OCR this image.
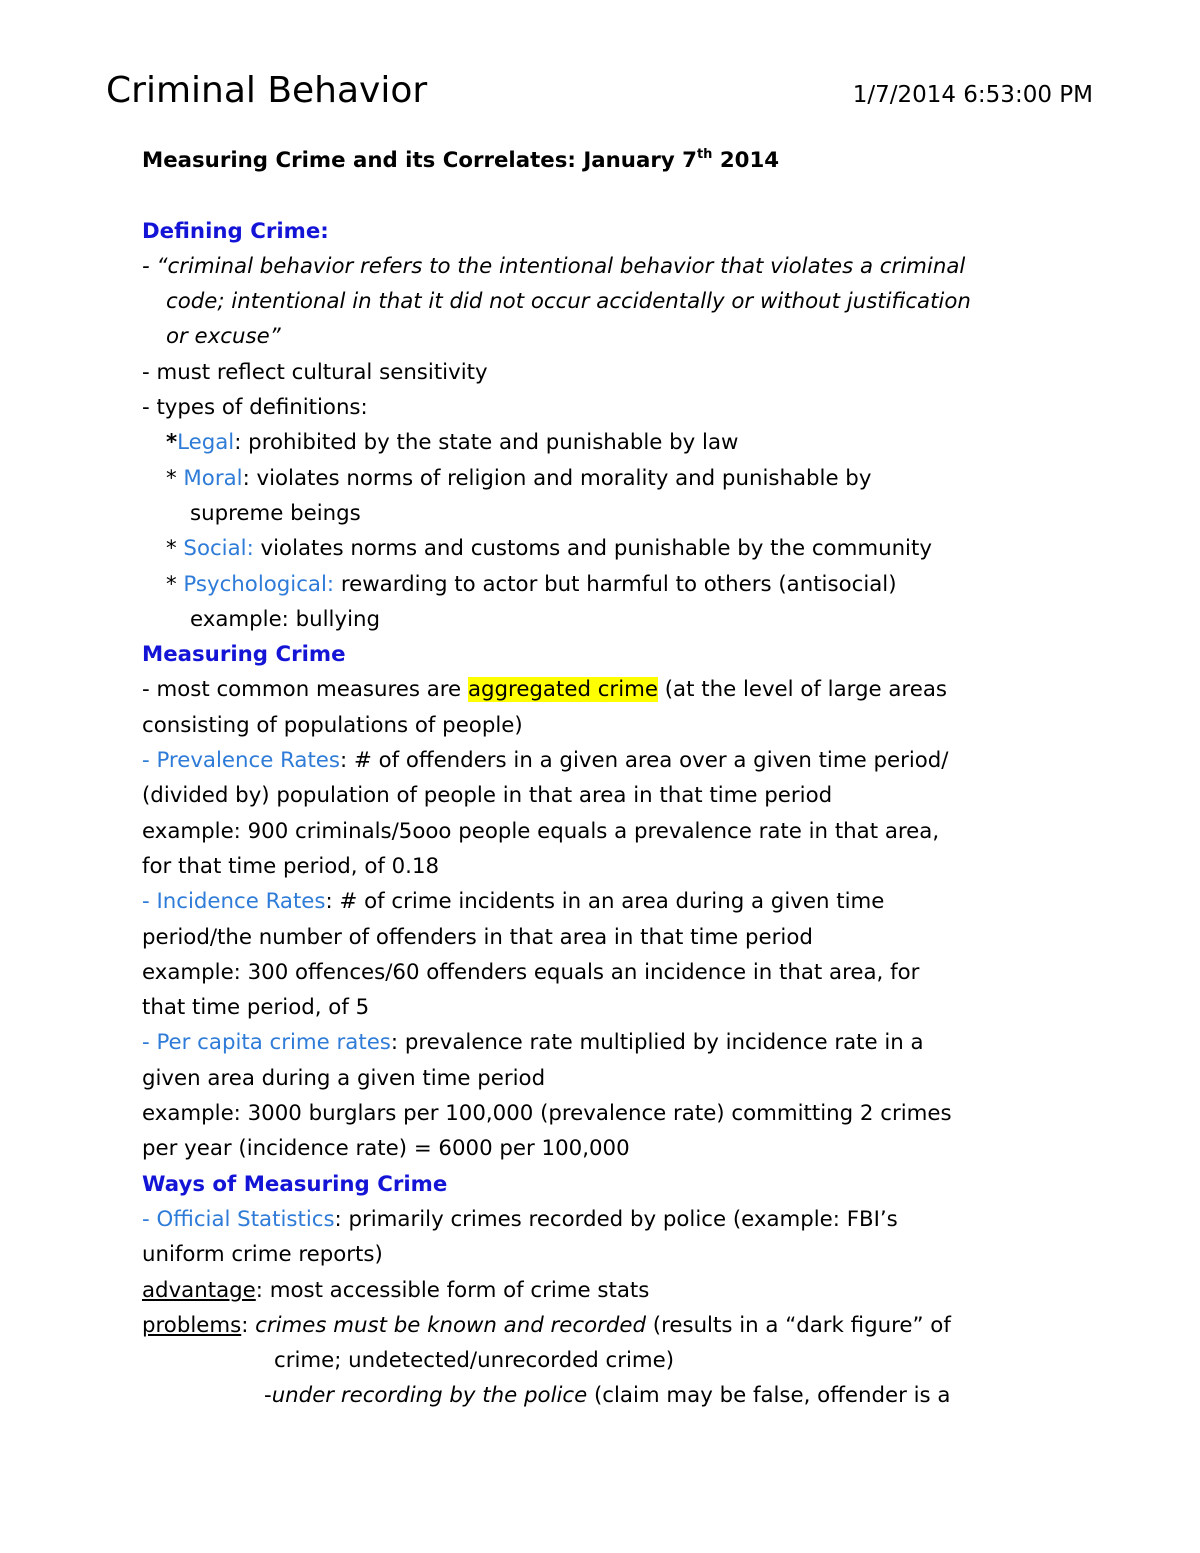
Criminal Behavior	1/7/2014 6:53:00 PM
Measuring Crime and its Correlates: January 7th 2014
Defining Crime:
- “criminal behavior refers to the intentional behavior that violates a criminal
code; intentional in that it did not occur accidentally or without justification
or excuse”
- must reflect cultural sensitivity
- types of definitions:
*Legal: prohibited by the state and punishable by law
* Moral: violates norms of religion and morality and punishable by
supreme beings
* Social: violates norms and customs and punishable by the community
* Psychological: rewarding to actor but harmful to others (antisocial)
example: bullying
Measuring Crime
- most common measures are aggregated crime (at the level of large areas
consisting of populations of people)
- Prevalence Rates: # of offenders in a given area over a given time period/
(divided by) population of people in that area in that time period
example: 900 criminals/5ooo people equals a prevalence rate in that area,
for that time period, of 0.18
- Incidence Rates: # of crime incidents in an area during a given time
period/the number of offenders in that area in that time period
example: 300 offences/60 offenders equals an incidence in that area, for
that time period, of 5
- Per capita crime rates: prevalence rate multiplied by incidence rate in a
given area during a given time period
example: 3000 burglars per 100,000 (prevalence rate) committing 2 crimes
per year (incidence rate) = 6000 per 100,000
Ways of Measuring Crime
- Official Statistics: primarily crimes recorded by police (example: FBI’s
uniform crime reports)
advantage: most accessible form of crime stats
problems: crimes must be known and recorded (results in a “dark figure” of
crime; undetected/unrecorded crime)
-under recording by the police (claim may be false, offender is a
